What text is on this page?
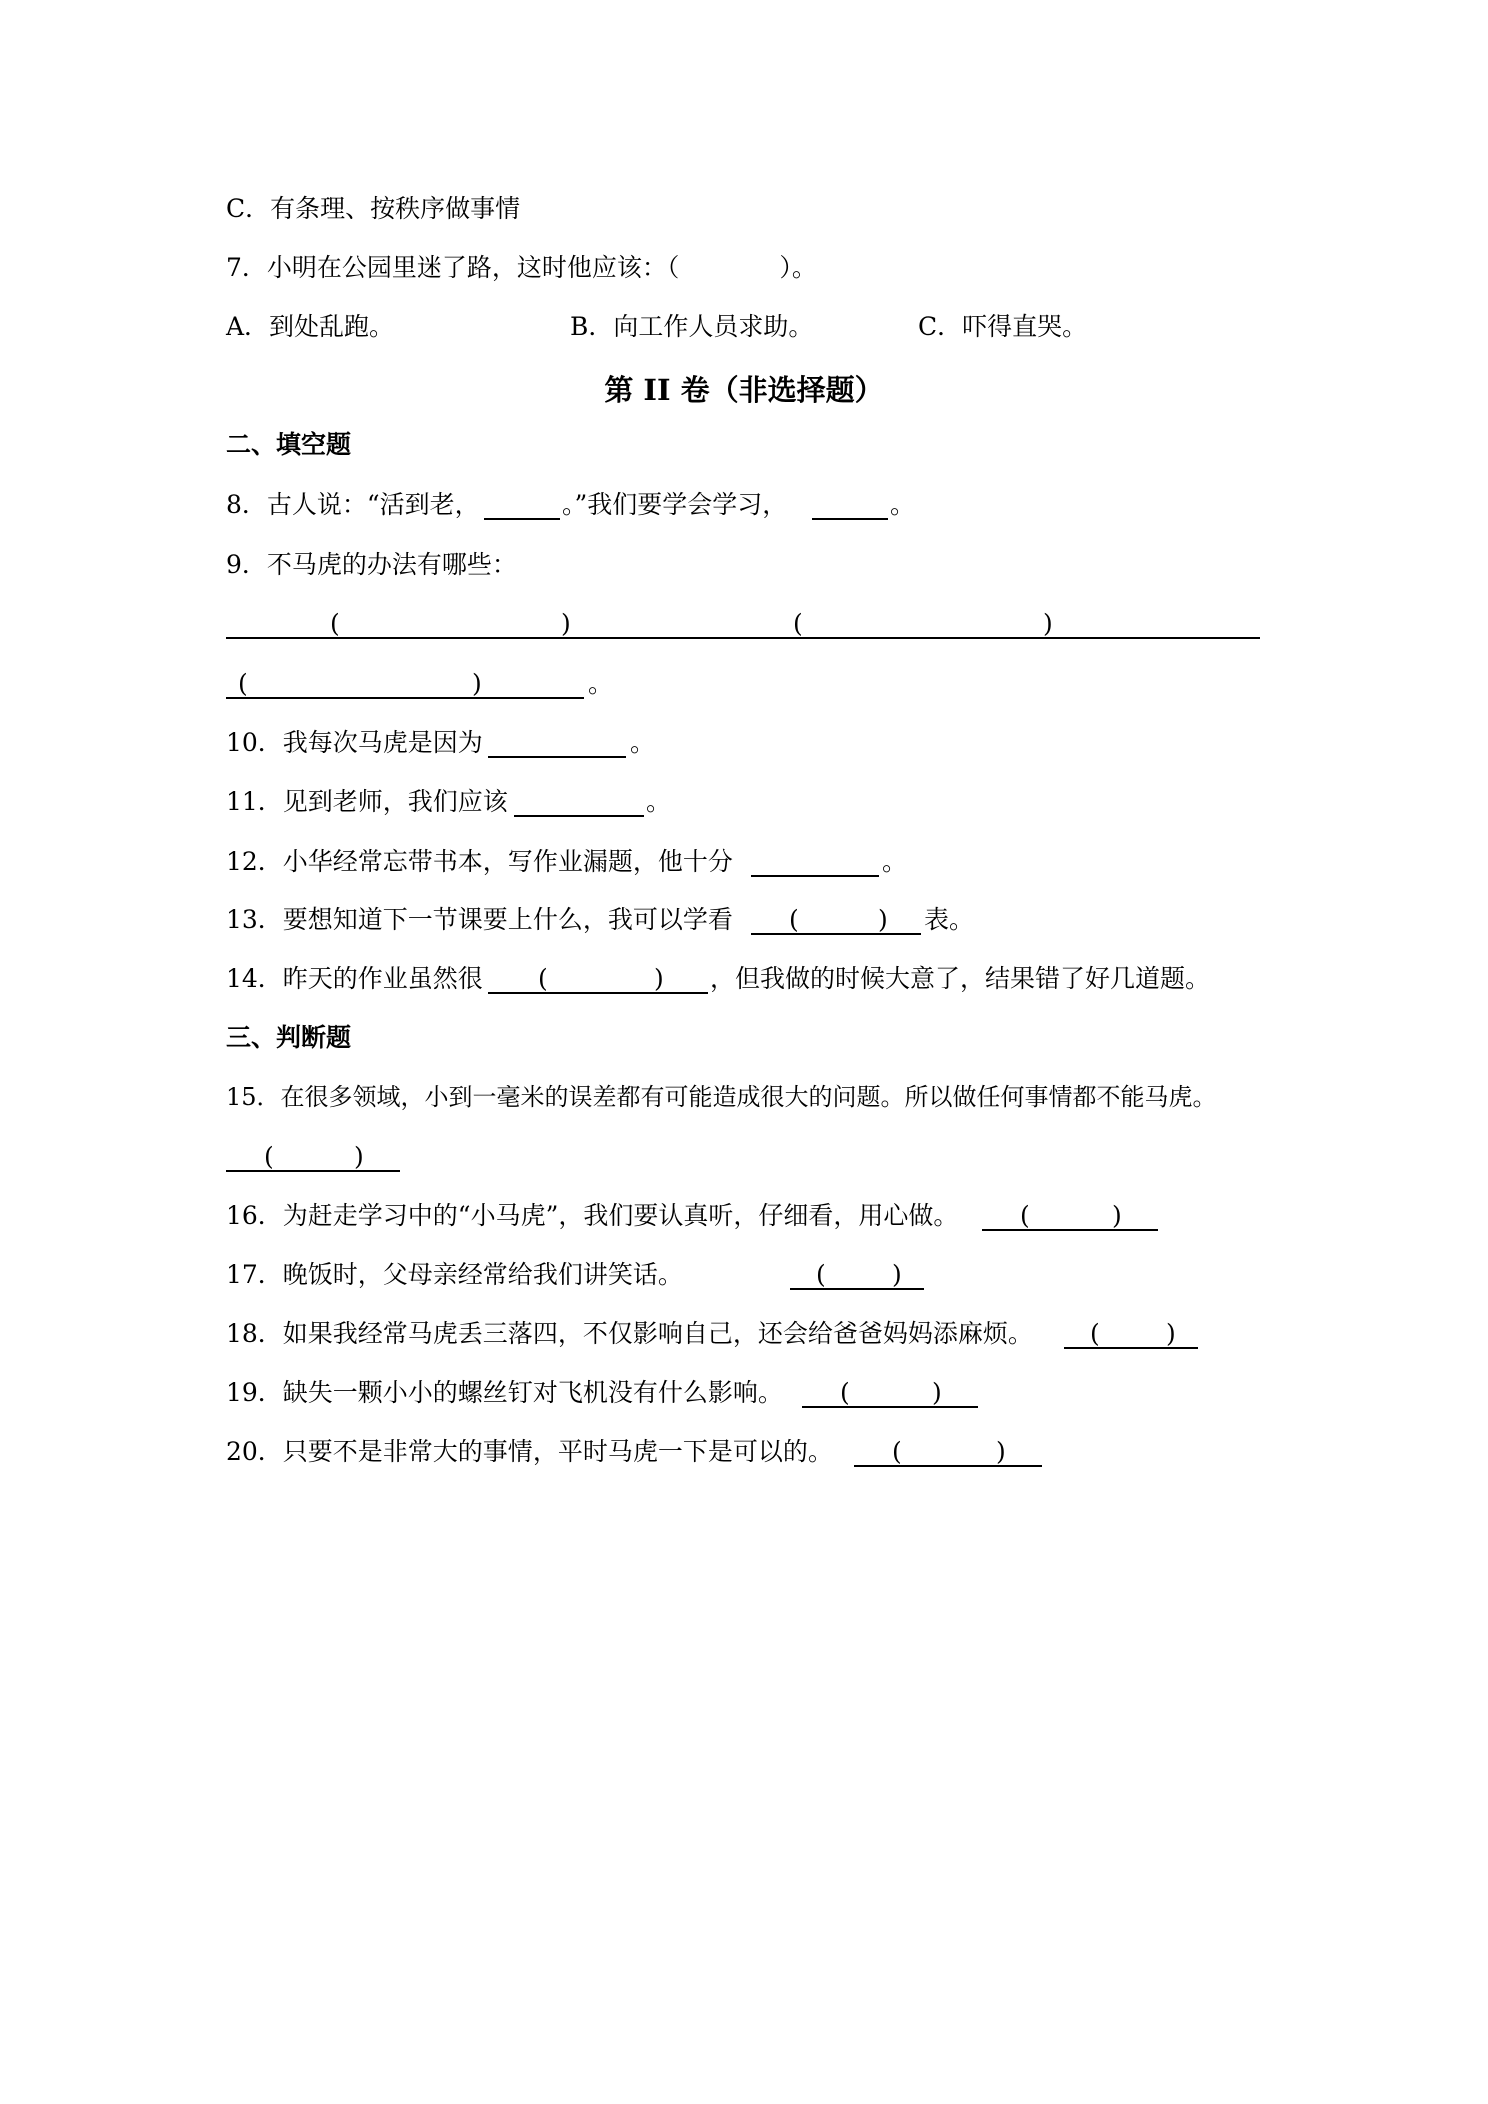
C．有条理、按秩序做事情
7．小明在公园里迷了路，这时他应该：（　　　　）。
A．到处乱跑。	B．向工作人员求助。	C．吓得直哭。
第 II 卷（非选择题）
二、填空题
8．古人说：“活到老，	。”我们要学会学习，	。
9．不马虎的办法有哪些：
(	)	(	)
(	)	。
10．我每次马虎是因为	。
11．见到老师，我们应该	。
12．小华经常忘带书本，写作业漏题，他十分	。
13．要想知道下一节课要上什么，我可以学看 (	) 表。
14．昨天的作业虽然很 (	) ，但我做的时候大意了，结果错了好几道题。
三、判断题
15．在很多领域，小到一毫米的误差都有可能造成很大的问题。所以做任何事情都不能马虎。
(	)
16．为赶走学习中的“小马虎”，我们要认真听，仔细看，用心做。 (	)
17．晚饭时，父母亲经常给我们讲笑话。	(	)
18．如果我经常马虎丢三落四，不仅影响自己，还会给爸爸妈妈添麻烦。 (	)
19．缺失一颗小小的螺丝钉对飞机没有什么影响。 (	)
20．只要不是非常大的事情，平时马虎一下是可以的。 (	)
